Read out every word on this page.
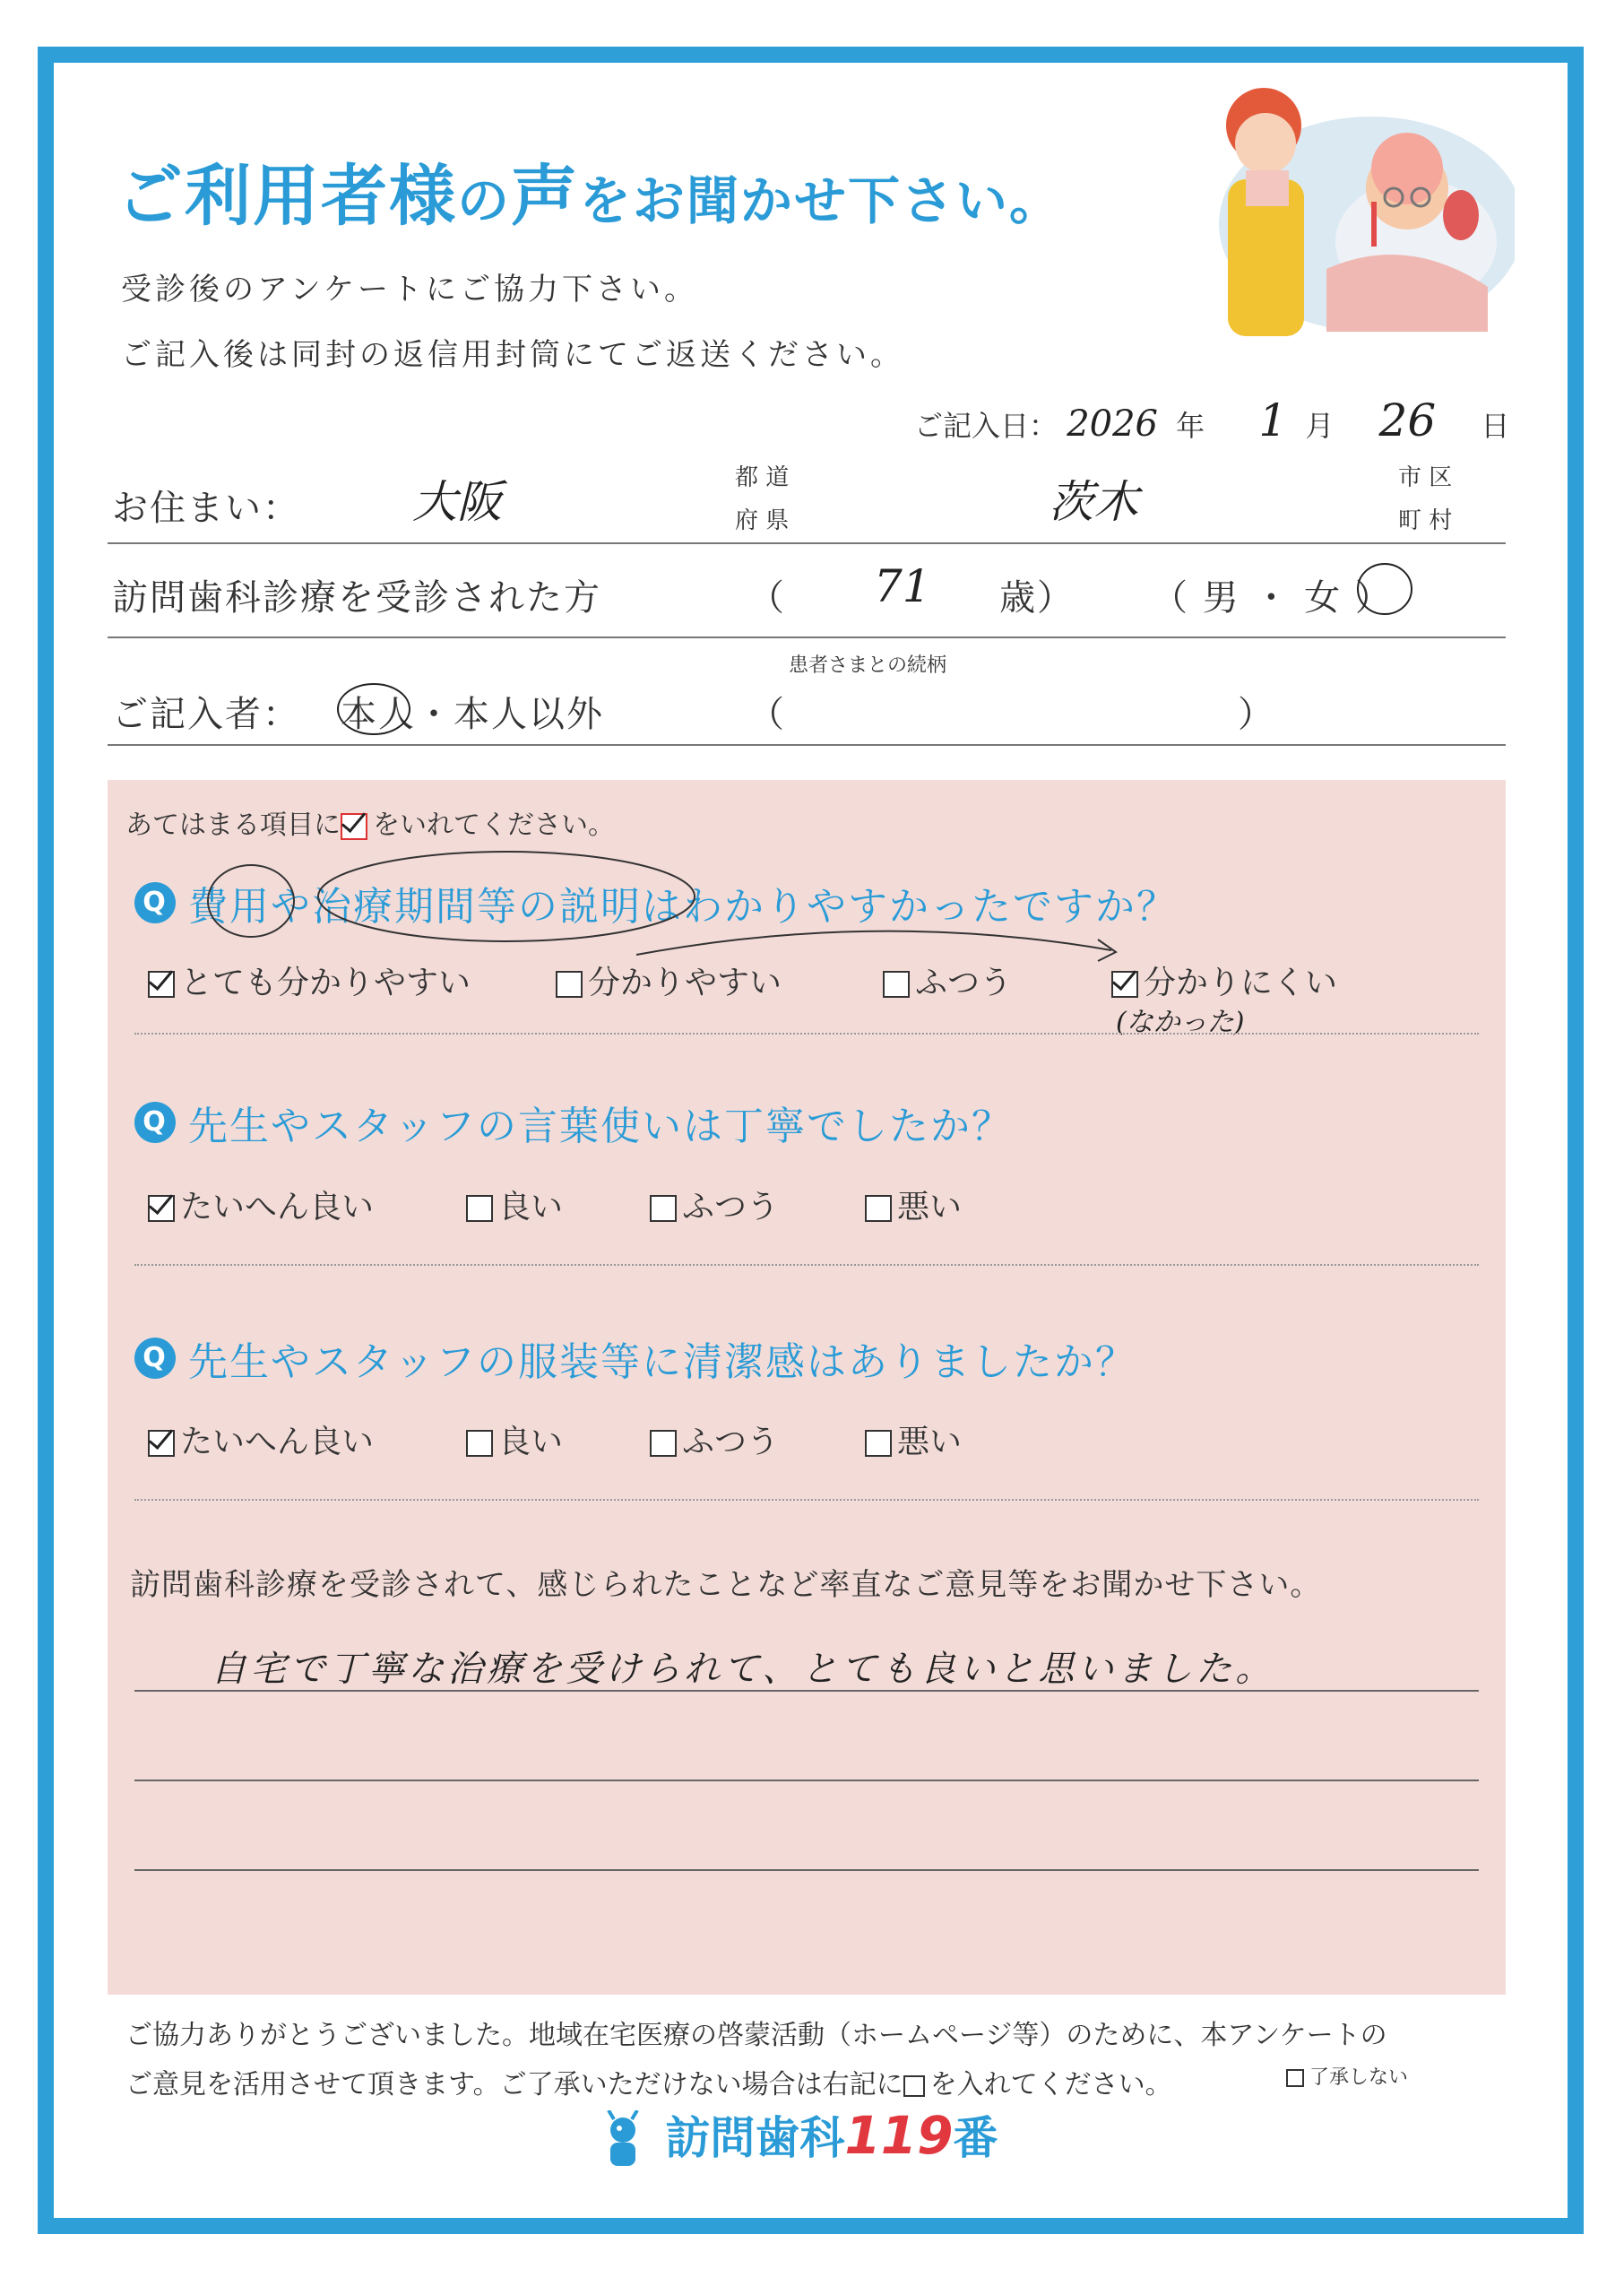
ご利用者様の声をお聞かせ下さい。
受診後のアンケートにご協力下さい。
ご記入後は同封の返信用封筒にてご返送ください。
ご記入日： 2026 年 1 月 26 日
お住まい：	大阪	都 道
府 県	茨木	市 区
町 村
訪問歯科診療を受診された方	（ 71 歳） （ 男 ・ 女 ）
患者さまとの続柄
ご記入者： 本人・本人以外	（　　　　　　　　　　　　）
あてはまる項目に をいれてください。
Q 費用や治療期間等の説明はわかりやすかったですか？
とても分かりやすい	分かりやすい	ふつう	分かりにくい
(なかった)
Q 先生やスタッフの言葉使いは丁寧でしたか？
たいへん良い	良い	ふつう	悪い
Q 先生やスタッフの服装等に清潔感はありましたか？
たいへん良い	良い	ふつう	悪い
訪問歯科診療を受診されて、感じられたことなど率直なご意見等をお聞かせ下さい。
自宅で丁寧な治療を受けられて、とても良いと思いました。
ご協力ありがとうございました。地域在宅医療の啓蒙活動（ホームページ等）のために、本アンケートの
ご意見を活用させて頂きます。ご了承いただけない場合は右記に を入れてください。	了承しない
訪問歯科119番
